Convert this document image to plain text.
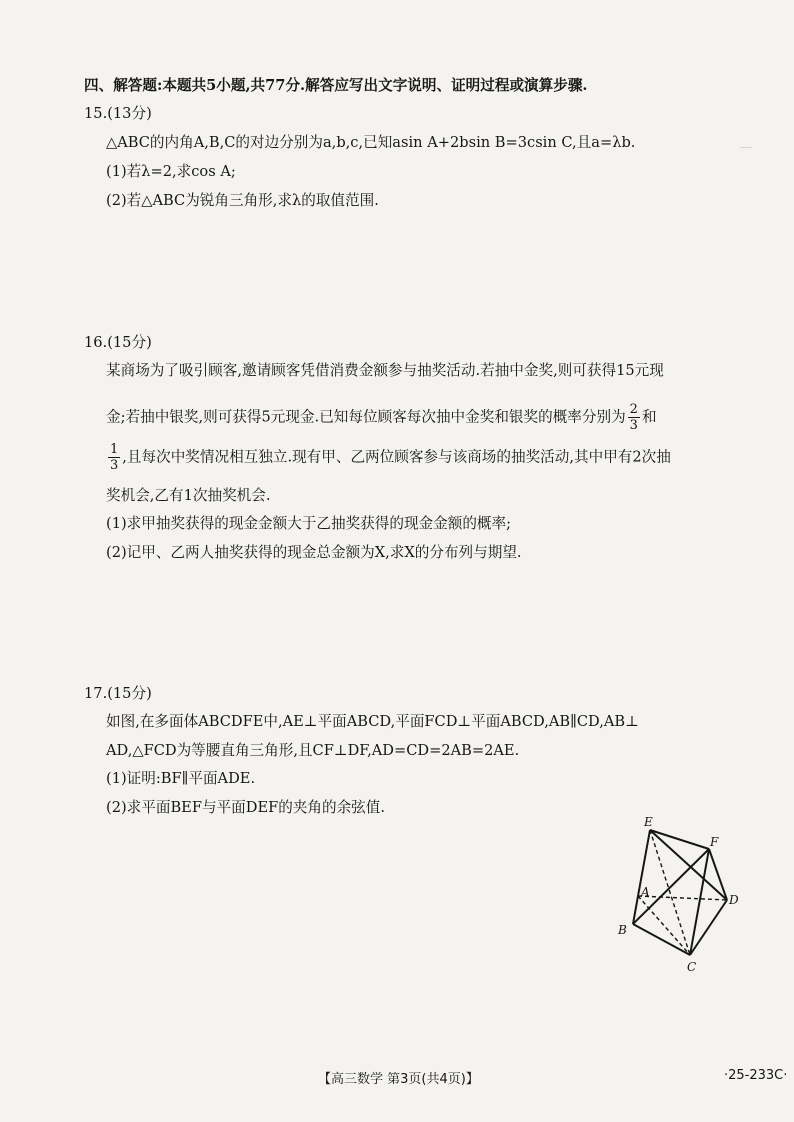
—
四、解答题:本题共5小题,共77分.解答应写出文字说明、证明过程或演算步骤.
15.(13分)
△ABC的内角A,B,C的对边分别为a,b,c,已知asin A+2bsin B=3csin C,且a=λb.
(1)若λ=2,求cos A;
(2)若△ABC为锐角三角形,求λ的取值范围.
16.(15分)
某商场为了吸引顾客,邀请顾客凭借消费金额参与抽奖活动.若抽中金奖,则可获得15元现
金;若抽中银奖,则可获得5元现金.已知每位顾客每次抽中金奖和银奖的概率分别为 $\frac{2}{3}$ 和
$\frac{1}{3}$ ,且每次中奖情况相互独立.现有甲、乙两位顾客参与该商场的抽奖活动,其中甲有2次抽
奖机会,乙有1次抽奖机会.
(1)求甲抽奖获得的现金金额大于乙抽奖获得的现金金额的概率;
(2)记甲、乙两人抽奖获得的现金总金额为X,求X的分布列与期望.
17.(15分)
如图,在多面体ABCDFE中,AE⊥平面ABCD,平面FCD⊥平面ABCD,AB∥CD,AB⊥
AD,△FCD为等腰直角三角形,且CF⊥DF,AD=CD=2AB=2AE.
(1)证明:BF∥平面ADE.
(2)求平面BEF与平面DEF的夹角的余弦值.
E
F
A
B
C
D
【高三数学 第3页(共4页)】	·25-233C·
